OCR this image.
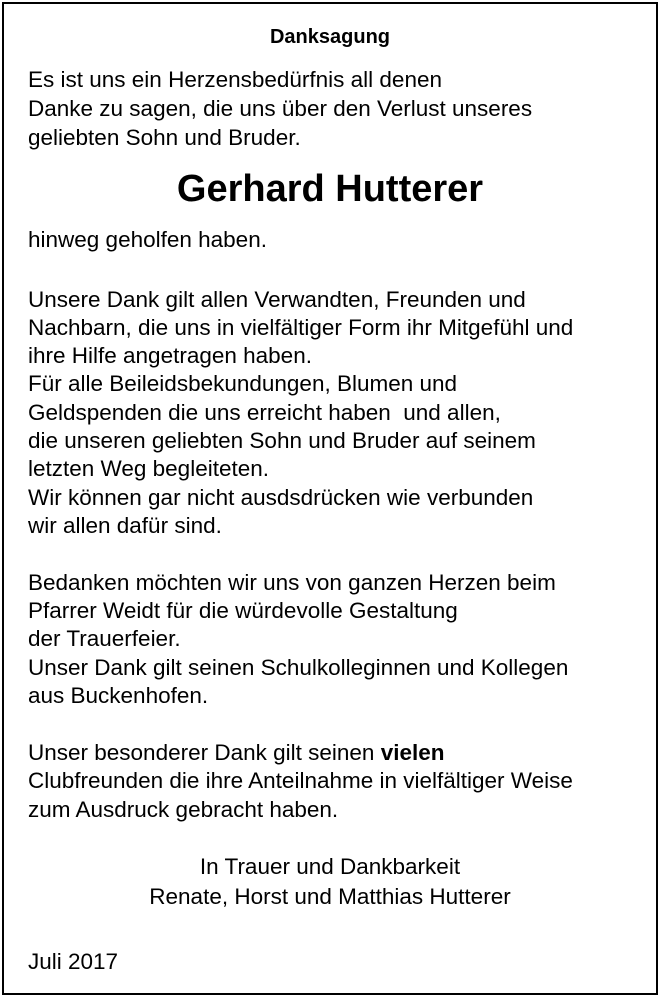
Danksagung
Es ist uns ein Herzensbedürfnis all denen
Danke zu sagen, die uns über den Verlust unseres
geliebten Sohn und Bruder.
Gerhard Hutterer
hinweg geholfen haben.
Unsere Dank gilt allen Verwandten, Freunden und
Nachbarn, die uns in vielfältiger Form ihr Mitgefühl und
ihre Hilfe angetragen haben.
Für alle Beileidsbekundungen, Blumen und
Geldspenden die uns erreicht haben  und allen,
die unseren geliebten Sohn und Bruder auf seinem
letzten Weg begleiteten.
Wir können gar nicht ausdsdrücken wie verbunden
wir allen dafür sind.
Bedanken möchten wir uns von ganzen Herzen beim
Pfarrer Weidt für die würdevolle Gestaltung
der Trauerfeier.
Unser Dank gilt seinen Schulkolleginnen und Kollegen
aus Buckenhofen.
Unser besonderer Dank gilt seinen vielen
Clubfreunden die ihre Anteilnahme in vielfältiger Weise
zum Ausdruck gebracht haben.
In Trauer und Dankbarkeit
Renate, Horst und Matthias Hutterer
Juli 2017
